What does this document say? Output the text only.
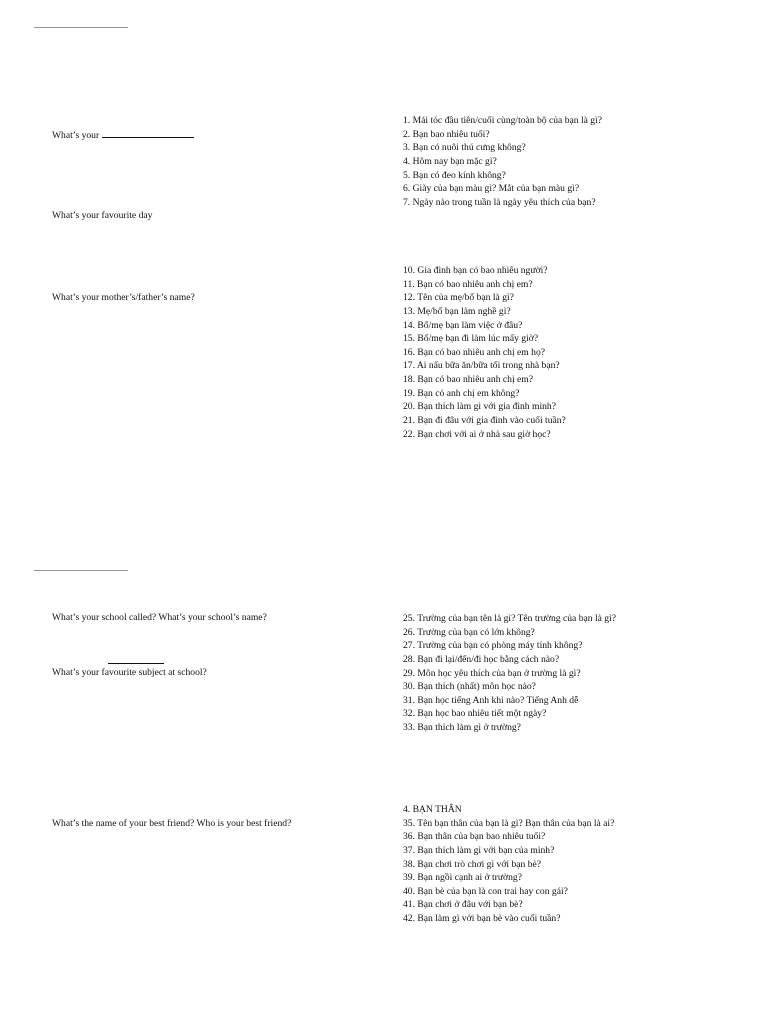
What’s your
What’s your favourite day
What’s your mother’s/father’s name?
1. Mái tóc đầu tiên/cuối cùng/toàn bộ của bạn là gì?
2. Bạn bao nhiêu tuổi?
3. Bạn có nuôi thú cưng không?
4. Hôm nay bạn mặc gì?
5. Bạn có đeo kính không?
6. Giày của bạn màu gì? Mắt của bạn màu gì?
7. Ngày nào trong tuần là ngày yêu thích của bạn?
10. Gia đình bạn có bao nhiêu người?
11. Bạn có bao nhiêu anh chị em?
12. Tên của mẹ/bố bạn là gì?
13. Mẹ/bố bạn làm nghề gì?
14. Bố/mẹ bạn làm việc ở đâu?
15. Bố/mẹ bạn đi làm lúc mấy giờ?
16. Bạn có bao nhiêu anh chị em họ?
17. Ai nấu bữa ăn/bữa tối trong nhà bạn?
18. Bạn có bao nhiêu anh chị em?
19. Bạn có anh chị em không?
20. Bạn thích làm gì với gia đình mình?
21. Bạn đi đâu với gia đình vào cuối tuần?
22. Bạn chơi với ai ở nhà sau giờ học?
What’s your school called? What’s your school’s name?
What’s your favourite subject at school?
What’s the name of your best friend? Who is your best friend?
25. Trường của bạn tên là gì? Tên trường của bạn là gì?
26. Trường của bạn có lớn không?
27. Trường của bạn có phòng máy tính không?
28. Bạn đi lại/đến/đi học bằng cách nào?
29. Môn học yêu thích của bạn ở trường là gì?
30. Bạn thích (nhất) môn học nào?
31. Bạn học tiếng Anh khi nào? Tiếng Anh dễ
32. Bạn học bao nhiêu tiết một ngày?
33. Bạn thích làm gì ở trường?
4. BẠN THÂN
35. Tên bạn thân của bạn là gì? Bạn thân của bạn là ai?
36. Bạn thân của bạn bao nhiêu tuổi?
37. Bạn thích làm gì với bạn của mình?
38. Bạn chơi trò chơi gì với bạn bè?
39. Bạn ngồi cạnh ai ở trường?
40. Bạn bè của bạn là con trai hay con gái?
41. Bạn chơi ở đâu với bạn bè?
42. Bạn làm gì với bạn bè vào cuối tuần?
